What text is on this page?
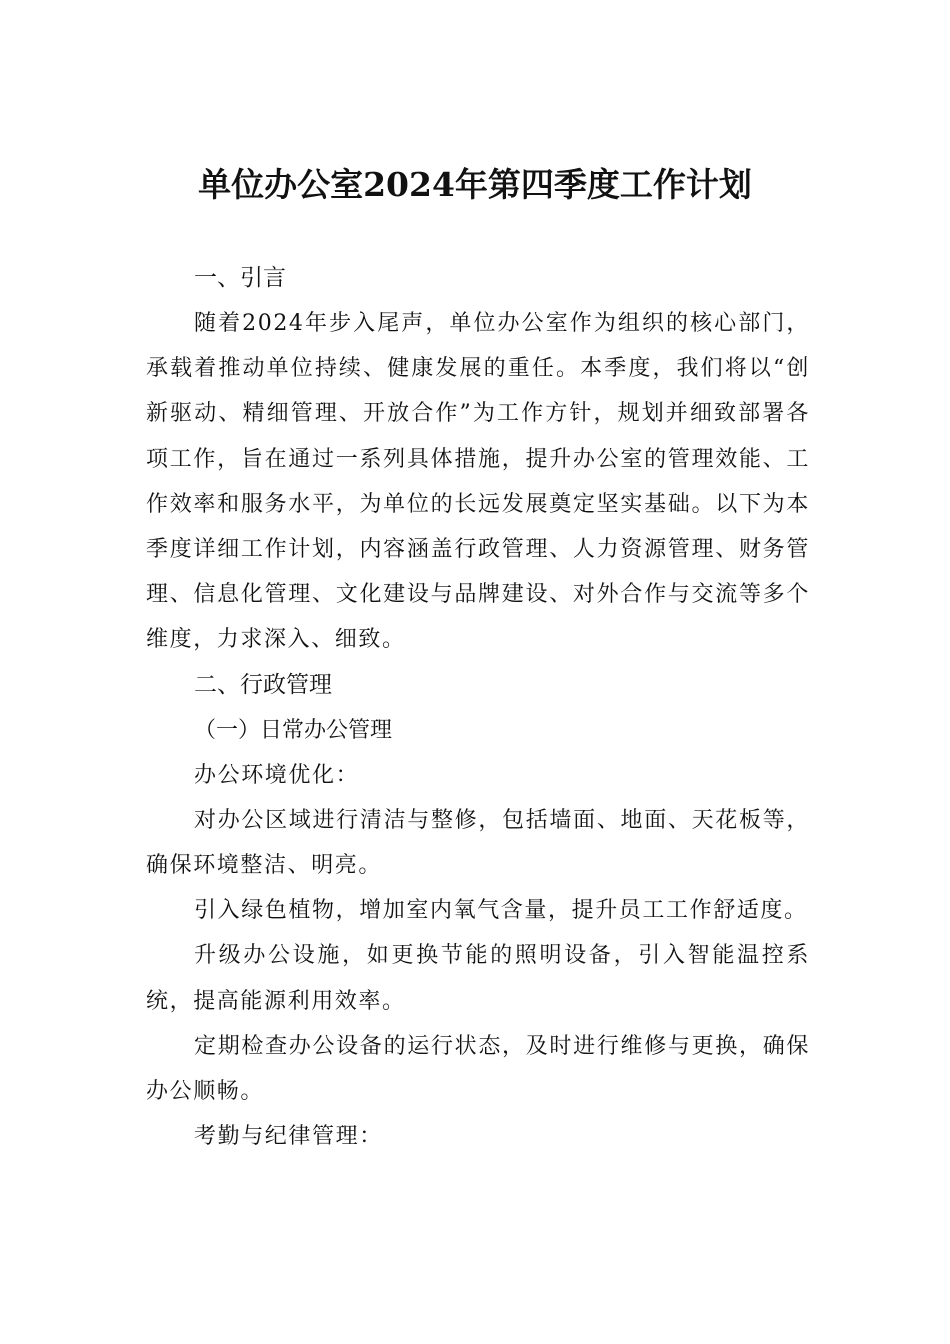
单位办公室2024年第四季度工作计划
一、引言

随着2024年步入尾声，单位办公室作为组织的核心部门，承载着推动单位持续、健康发展的重任。本季度，我们将以“创新驱动、精细管理、开放合作”为工作方针，规划并细致部署各项工作，旨在通过一系列具体措施，提升办公室的管理效能、工作效率和服务水平，为单位的长远发展奠定坚实基础。以下为本季度详细工作计划，内容涵盖行政管理、人力资源管理、财务管理、信息化管理、文化建设与品牌建设、对外合作与交流等多个维度，力求深入、细致。

二、行政管理

（一）日常办公管理

办公环境优化：

对办公区域进行清洁与整修，包括墙面、地面、天花板等，确保环境整洁、明亮。

引入绿色植物，增加室内氧气含量，提升员工工作舒适度。

升级办公设施，如更换节能的照明设备，引入智能温控系统，提高能源利用效率。

定期检查办公设备的运行状态，及时进行维修与更换，确保办公顺畅。

考勤与纪律管理：
